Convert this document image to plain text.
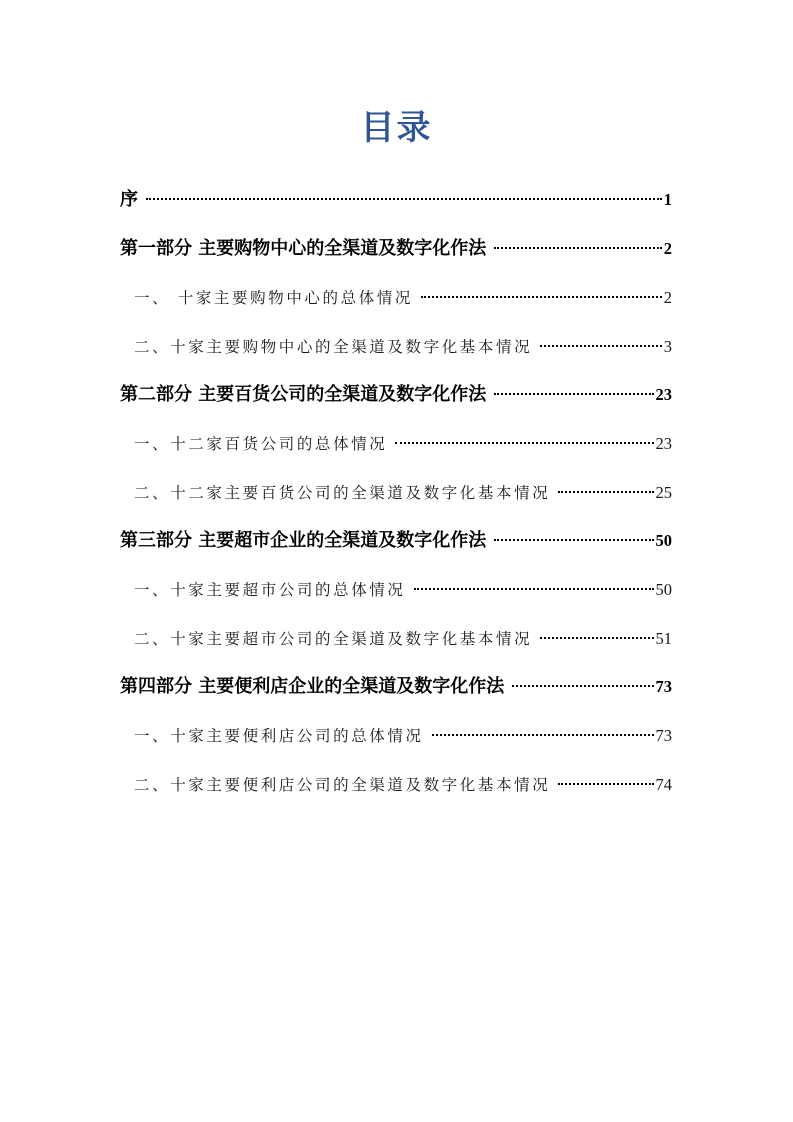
目录
序	1
第一部分 主要购物中心的全渠道及数字化作法	2
一、 十家主要购物中心的总体情况	2
二、十家主要购物中心的全渠道及数字化基本情况	3
第二部分 主要百货公司的全渠道及数字化作法	23
一、十二家百货公司的总体情况	23
二、十二家主要百货公司的全渠道及数字化基本情况	25
第三部分 主要超市企业的全渠道及数字化作法	50
一、十家主要超市公司的总体情况	50
二、十家主要超市公司的全渠道及数字化基本情况	51
第四部分 主要便利店企业的全渠道及数字化作法	73
一、十家主要便利店公司的总体情况	73
二、十家主要便利店公司的全渠道及数字化基本情况	74
